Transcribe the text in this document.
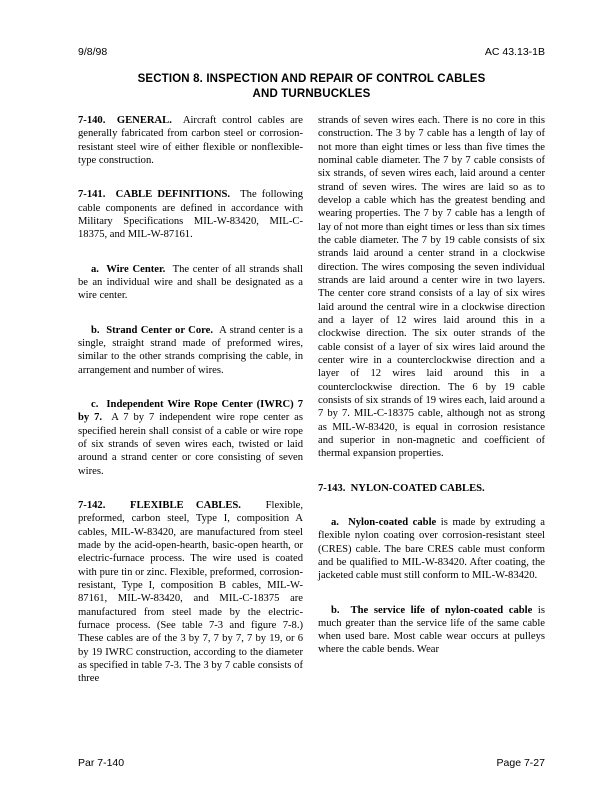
9/8/98	AC 43.13-1B
SECTION 8. INSPECTION AND REPAIR OF CONTROL CABLES
AND TURNBUCKLES

7-140.  GENERAL.  Aircraft control cables are generally fabricated from carbon steel or corrosion-resistant steel wire of either flexible or nonflexible-type construction.

7-141.  CABLE DEFINITIONS.  The following cable components are defined in accordance with Military Specifications MIL-W-83420, MIL-C-18375, and MIL-W-87161.

a.  Wire Center.  The center of all strands shall be an individual wire and shall be designated as a wire center.

b.  Strand Center or Core.  A strand center is a single, straight strand made of preformed wires, similar to the other strands comprising the cable, in arrangement and number of wires.

c.  Independent Wire Rope Center (IWRC) 7 by 7.  A 7 by 7 independent wire rope center as specified herein shall consist of a cable or wire rope of six strands of seven wires each, twisted or laid around a strand center or core consisting of seven wires.

7-142.  FLEXIBLE CABLES.  Flexible, preformed, carbon steel, Type I, composition A cables, MIL-W-83420, are manufactured from steel made by the acid-open-hearth, basic-open hearth, or electric-furnace process. The wire used is coated with pure tin or zinc. Flexible, preformed, corrosion-resistant, Type I, composition B cables, MIL-W-87161, MIL-W-83420, and MIL-C-18375 are manufactured from steel made by the electric-furnace process. (See table 7-3 and figure 7-8.) These cables are of the 3 by 7, 7 by 7, 7 by 19, or 6 by 19 IWRC construction, according to the diameter as specified in table 7-3. The 3 by 7 cable consists of three

strands of seven wires each. There is no core in this construction. The 3 by 7 cable has a length of lay of not more than eight times or less than five times the nominal cable diameter. The 7 by 7 cable consists of six strands, of seven wires each, laid around a center strand of seven wires. The wires are laid so as to develop a cable which has the greatest bending and wearing properties. The 7 by 7 cable has a length of lay of not more than eight times or less than six times the cable diameter. The 7 by 19 cable consists of six strands laid around a center strand in a clockwise direction. The wires composing the seven individual strands are laid around a center wire in two layers. The center core strand consists of a lay of six wires laid around the central wire in a clockwise direction and a layer of 12 wires laid around this in a clockwise direction. The six outer strands of the cable consist of a layer of six wires laid around the center wire in a counterclockwise direction and a layer of 12 wires laid around this in a counterclockwise direction. The 6 by 19 cable consists of six strands of 19 wires each, laid around a 7 by 7. MIL-C-18375 cable, although not as strong as MIL-W-83420, is equal in corrosion resistance and superior in non-magnetic and coefficient of thermal expansion properties.

7-143.  NYLON-COATED CABLES.

a.  Nylon-coated cable is made by extruding a flexible nylon coating over corrosion-resistant steel (CRES) cable. The bare CRES cable must conform and be qualified to MIL-W-83420. After coating, the jacketed cable must still conform to MIL-W-83420.

b.  The service life of nylon-coated cable is much greater than the service life of the same cable when used bare. Most cable wear occurs at pulleys where the cable bends. Wear

Par 7-140	Page 7-27
